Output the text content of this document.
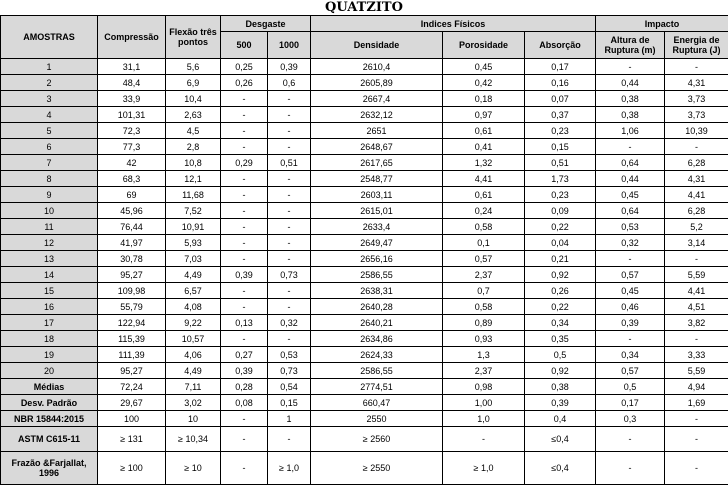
QUATZITO
AMOSTRAS	Compressão	Flexão três pontos	Desgaste		Indices Físicos			Impacto	
			500	1000	Densidade	Porosidade	Absorção	Altura de Ruptura (m)	Energia de Ruptura (J)
1	31,1	5,6	0,25	0,39	2610,4	0,45	0,17	-	-
2	48,4	6,9	0,26	0,6	2605,89	0,42	0,16	0,44	4,31
3	33,9	10,4	-	-	2667,4	0,18	0,07	0,38	3,73
4	101,31	2,63	-	-	2632,12	0,97	0,37	0,38	3,73
5	72,3	4,5	-	-	2651	0,61	0,23	1,06	10,39
6	77,3	2,8	-	-	2648,67	0,41	0,15	-	-
7	42	10,8	0,29	0,51	2617,65	1,32	0,51	0,64	6,28
8	68,3	12,1	-	-	2548,77	4,41	1,73	0,44	4,31
9	69	11,68	-	-	2603,11	0,61	0,23	0,45	4,41
10	45,96	7,52	-	-	2615,01	0,24	0,09	0,64	6,28
11	76,44	10,91	-	-	2633,4	0,58	0,22	0,53	5,2
12	41,97	5,93	-	-	2649,47	0,1	0,04	0,32	3,14
13	30,78	7,03	-	-	2656,16	0,57	0,21	-	-
14	95,27	4,49	0,39	0,73	2586,55	2,37	0,92	0,57	5,59
15	109,98	6,57	-	-	2638,31	0,7	0,26	0,45	4,41
16	55,79	4,08	-	-	2640,28	0,58	0,22	0,46	4,51
17	122,94	9,22	0,13	0,32	2640,21	0,89	0,34	0,39	3,82
18	115,39	10,57	-	-	2634,86	0,93	0,35	-	-
19	111,39	4,06	0,27	0,53	2624,33	1,3	0,5	0,34	3,33
20	95,27	4,49	0,39	0,73	2586,55	2,37	0,92	0,57	5,59
Médias	72,24	7,11	0,28	0,54	2774,51	0,98	0,38	0,5	4,94
Desv. Padrão	29,67	3,02	0,08	0,15	660,47	1,00	0,39	0,17	1,69
NBR 15844:2015	100	10	-	1	2550	1,0	0,4	0,3	-
ASTM C615-11	≥ 131	≥ 10,34	-	-	≥ 2560	-	≤0,4	-	-
Frazão &Farjallat, 1996	≥ 100	≥ 10	-	≥ 1,0	≥ 2550	≥ 1,0	≤0,4	-	-
